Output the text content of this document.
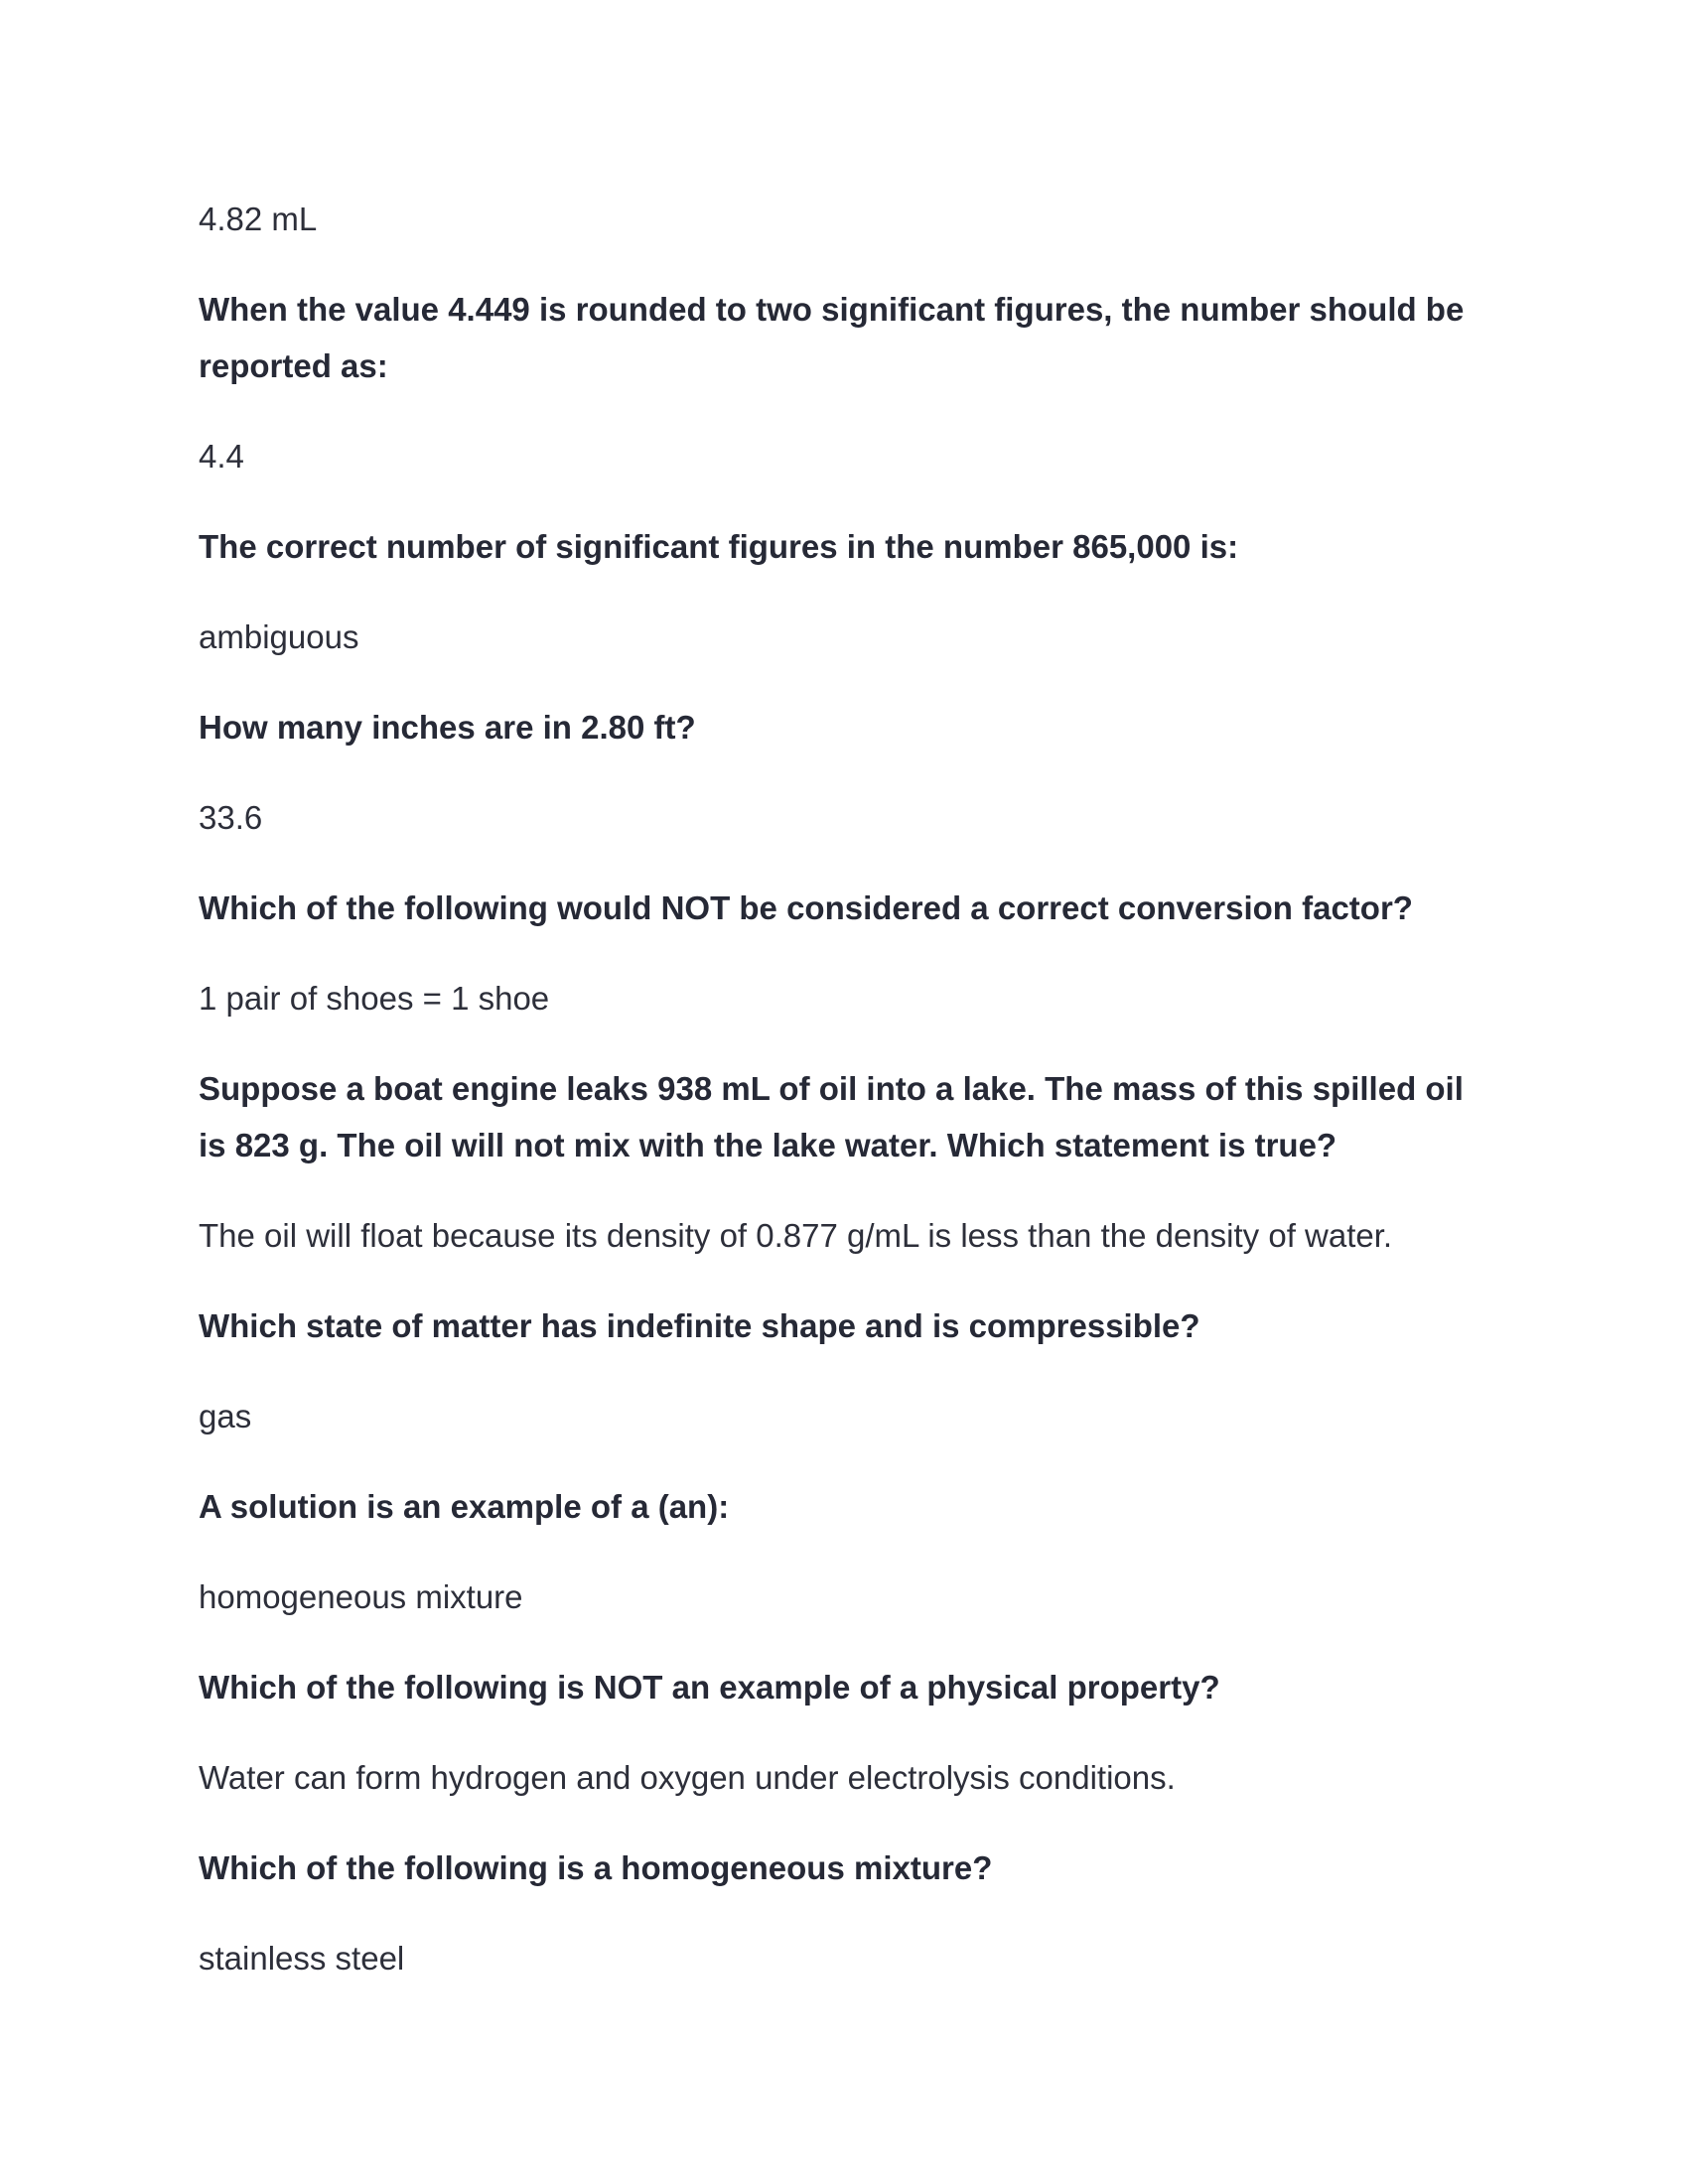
4.82 mL

When the value 4.449 is rounded to two significant figures, the number should be reported as:

4.4

The correct number of significant figures in the number 865,000 is:

ambiguous

How many inches are in 2.80 ft?

33.6

Which of the following would NOT be considered a correct conversion factor?

1 pair of shoes = 1 shoe

Suppose a boat engine leaks 938 mL of oil into a lake. The mass of this spilled oil is 823 g. The oil will not mix with the lake water. Which statement is true?

The oil will float because its density of 0.877 g/mL is less than the density of water.

Which state of matter has indefinite shape and is compressible?

gas

A solution is an example of a (an):

homogeneous mixture

Which of the following is NOT an example of a physical property?

Water can form hydrogen and oxygen under electrolysis conditions.

Which of the following is a homogeneous mixture?

stainless steel
